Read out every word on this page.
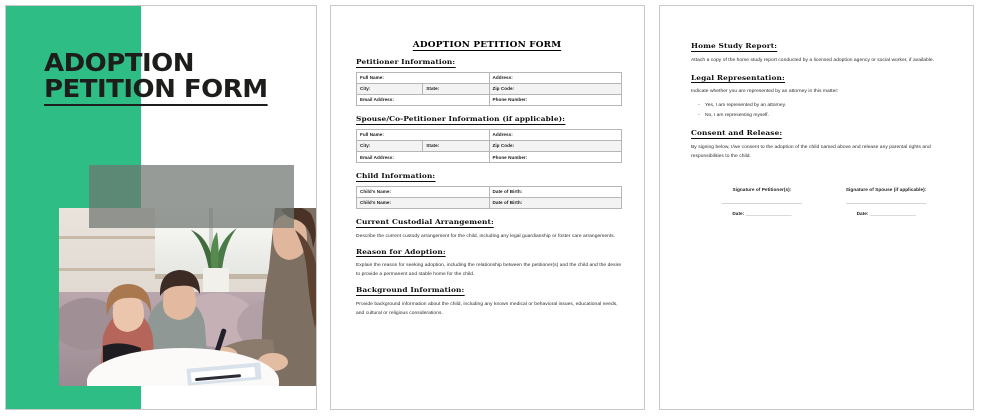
ADOPTION
PETITION FORM
ADOPTION PETITION FORM
Petitioner Information:
Full Name:		Address:
City:	State:	Zip Code:
Email Address:		Phone Number:
Spouse/Co-Petitioner Information (if applicable):
Full Name:		Address:
City:	State:	Zip Code:
Email Address:		Phone Number:
Child Information:
Child's Name:	Date of Birth:
Child's Name:	Date of Birth:
Current Custodial Arrangement:

Describe the current custody arrangement for the child, including any legal guardianship or foster care arrangements.

Reason for Adoption:

Explain the reason for seeking adoption, including the relationship between the petitioner(s) and the child and the desire to provide a permanent and stable home for the child.

Background Information:

Provide background information about the child, including any known medical or behavioral issues, educational needs, and cultural or religious considerations.

Home Study Report:

Attach a copy of the home study report conducted by a licensed adoption agency or social worker, if available.

Legal Representation:

Indicate whether you are represented by an attorney in this matter:

- Yes, I am represented by an attorney.
- No, I am representing myself.
Consent and Release:

By signing below, I/we consent to the adoption of the child named above and release any parental rights and responsibilities to the child.

Signature of Petitioner(s):
_______________________________
Date: ___________________
Signature of Spouse (if applicable):
_______________________________
Date: ___________________
